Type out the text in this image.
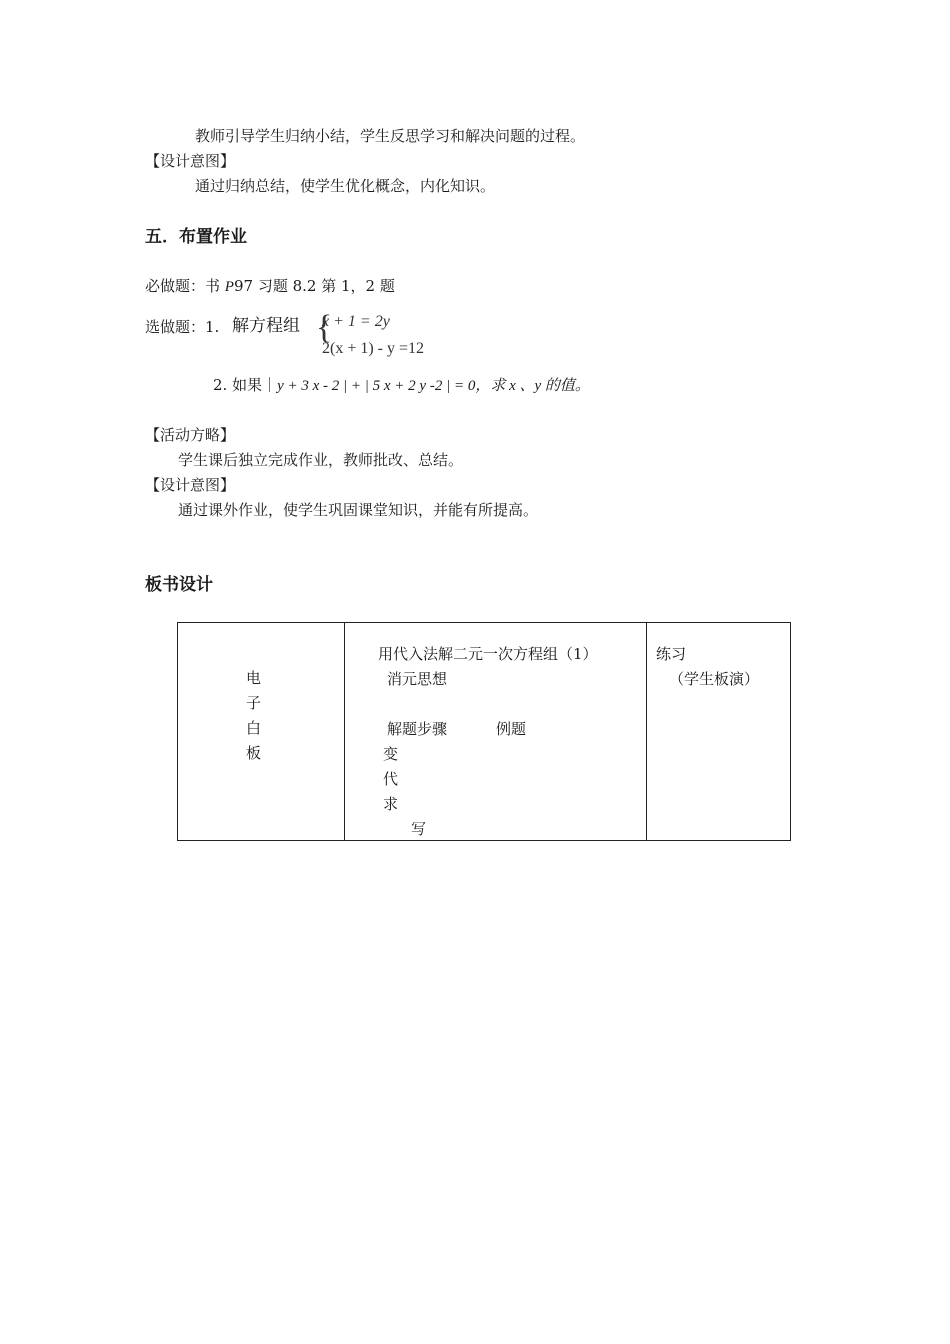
教师引导学生归纳小结，学生反思学习和解决问题的过程。
【设计意图】
通过归纳总结，使学生优化概念，内化知识。
五．布置作业
必做题：书 P97 习题 8.2 第 1，2 题
选做题：1. 解方程组 {
x + 1 = 2y
2(x + 1) - y =12
2. 如果｜y + 3 x - 2 | + | 5 x + 2 y -2 | = 0，求 x 、y 的值。
【活动方略】
学生课后独立完成作业，教师批改、总结。
【设计意图】
通过课外作业，使学生巩固课堂知识，并能有所提高。
板书设计
电
子
白
板

用代入法解二元一次方程组（1）
消元思想
解题步骤	例题
变
代
求
写

练习
（学生板演）
